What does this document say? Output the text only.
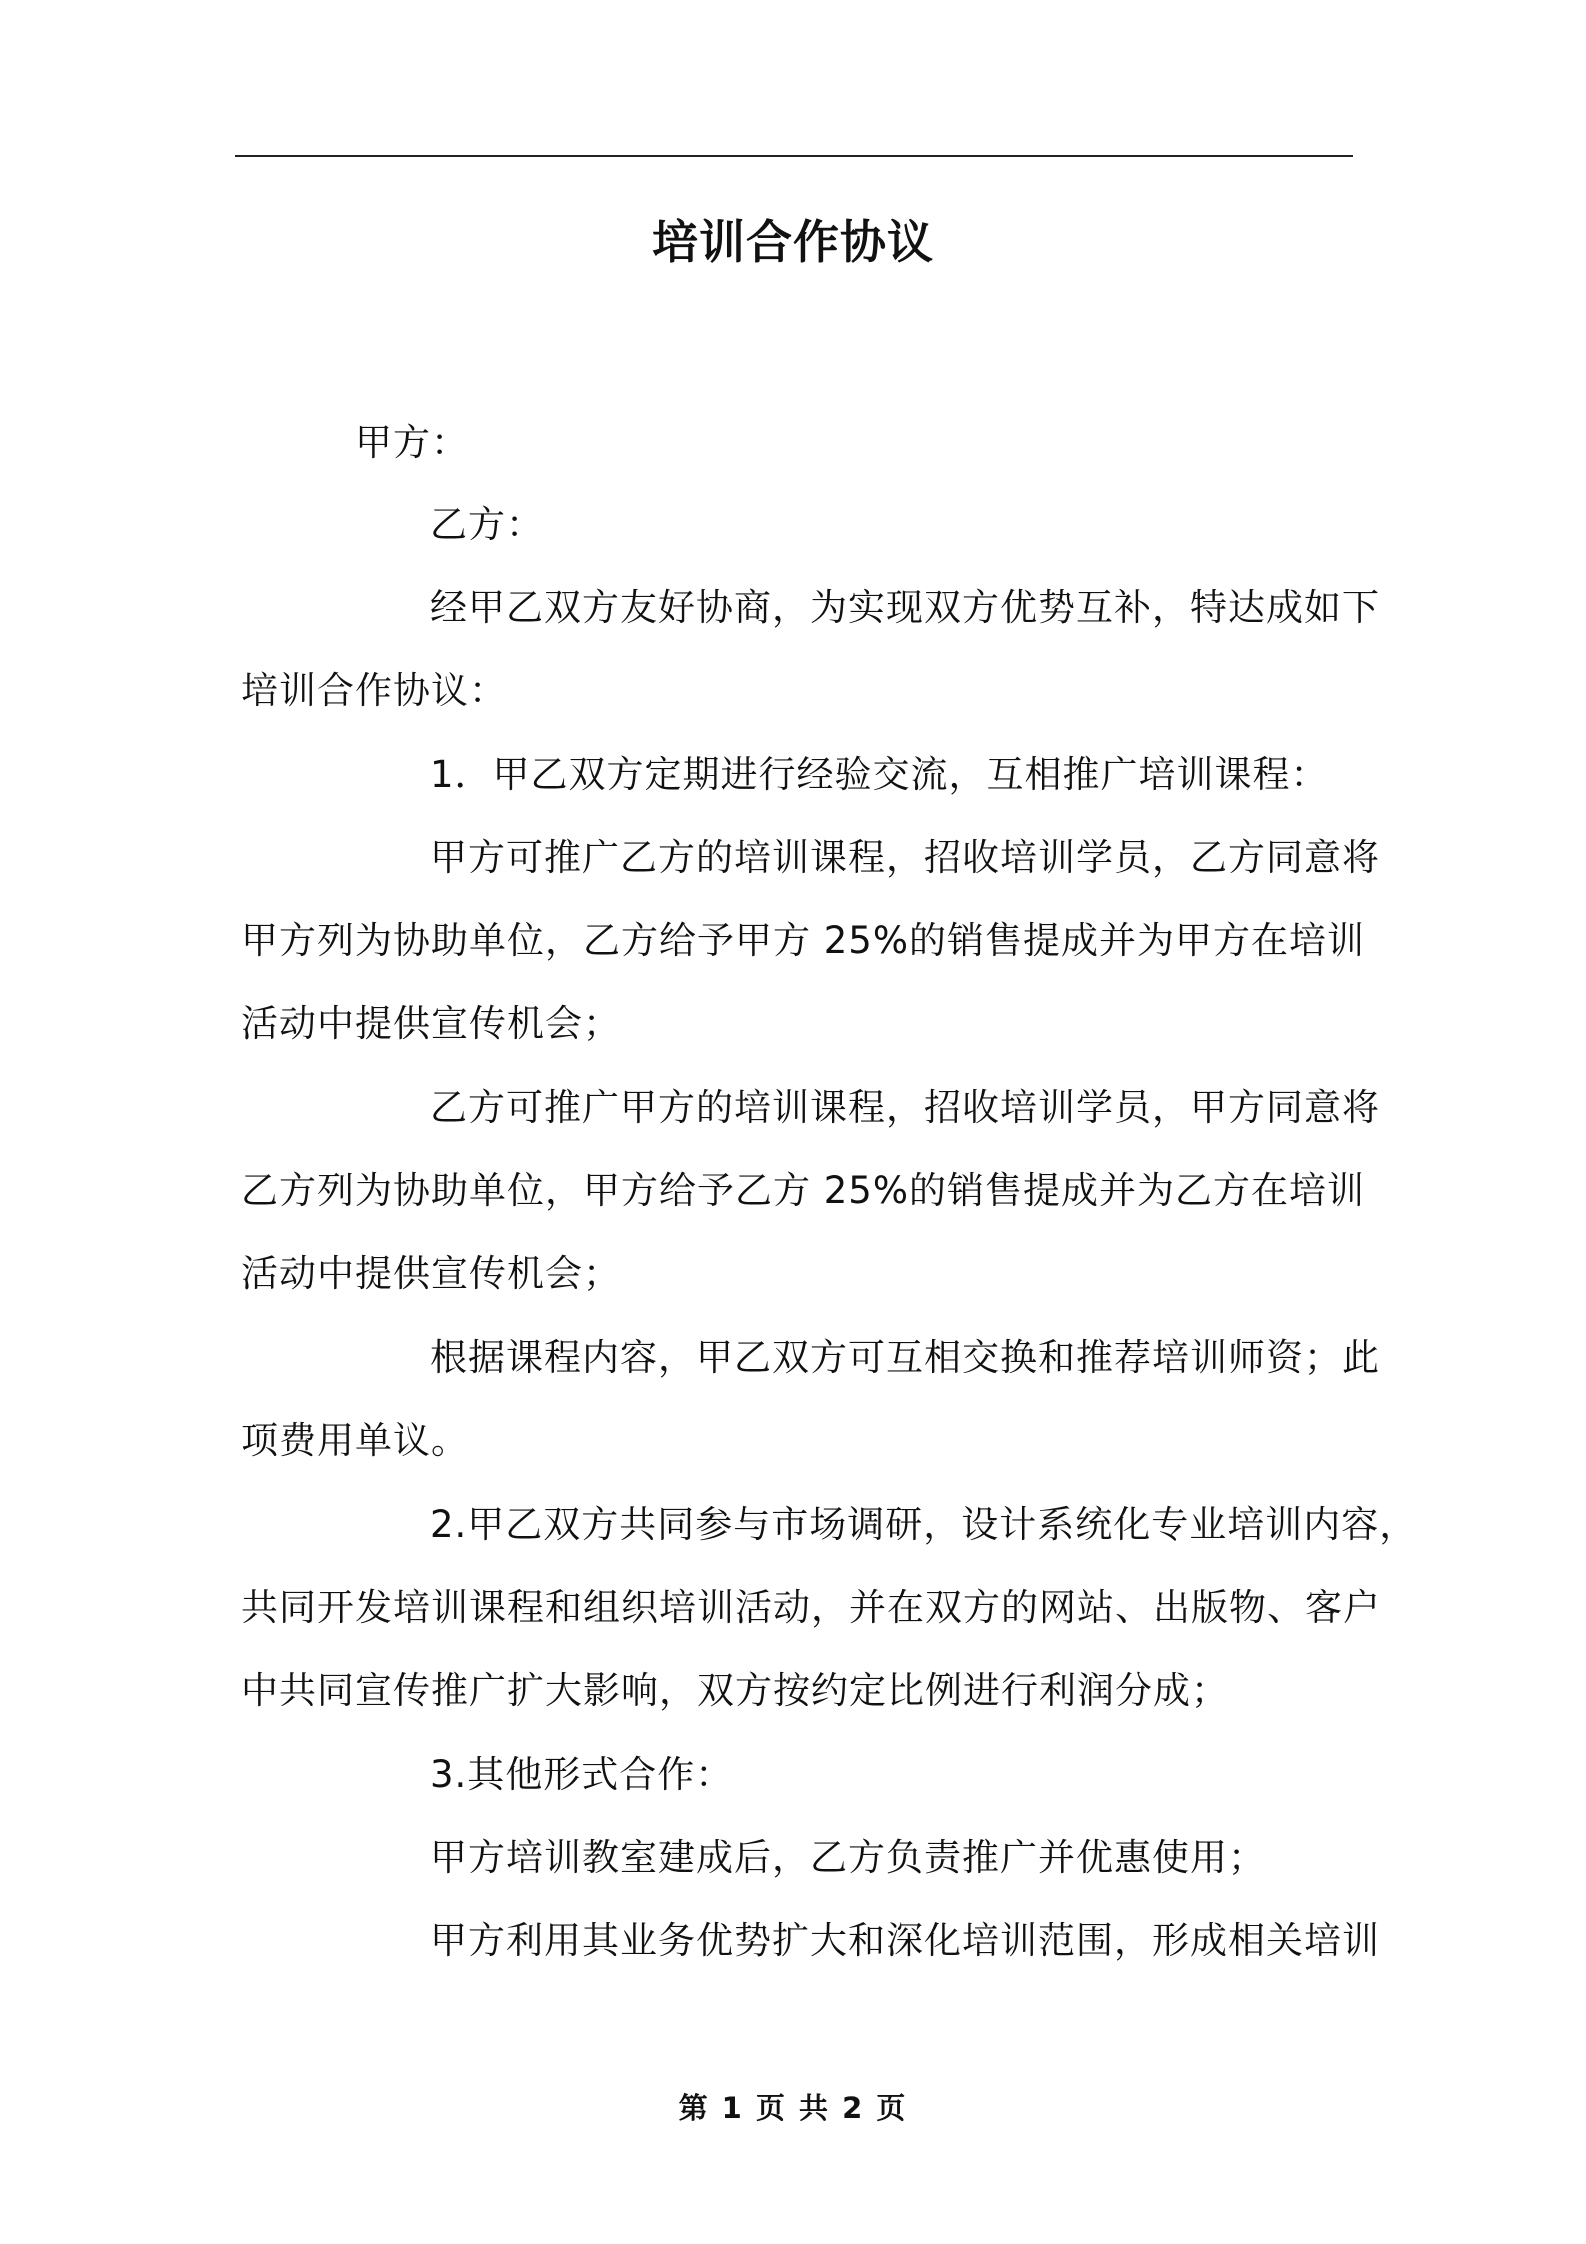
培训合作协议
甲方：
乙方：
经甲乙双方友好协商，为实现双方优势互补，特达成如下
培训合作协议：
1．甲乙双方定期进行经验交流，互相推广培训课程：
甲方可推广乙方的培训课程，招收培训学员，乙方同意将
甲方列为协助单位，乙方给予甲方 25%的销售提成并为甲方在培训
活动中提供宣传机会；
乙方可推广甲方的培训课程，招收培训学员，甲方同意将
乙方列为协助单位，甲方给予乙方 25%的销售提成并为乙方在培训
活动中提供宣传机会；
根据课程内容，甲乙双方可互相交换和推荐培训师资；此
项费用单议。
2.甲乙双方共同参与市场调研，设计系统化专业培训内容，
共同开发培训课程和组织培训活动，并在双方的网站、出版物、客户
中共同宣传推广扩大影响，双方按约定比例进行利润分成；
3.其他形式合作：
甲方培训教室建成后，乙方负责推广并优惠使用；
甲方利用其业务优势扩大和深化培训范围，形成相关培训
第 1 页 共 2 页
